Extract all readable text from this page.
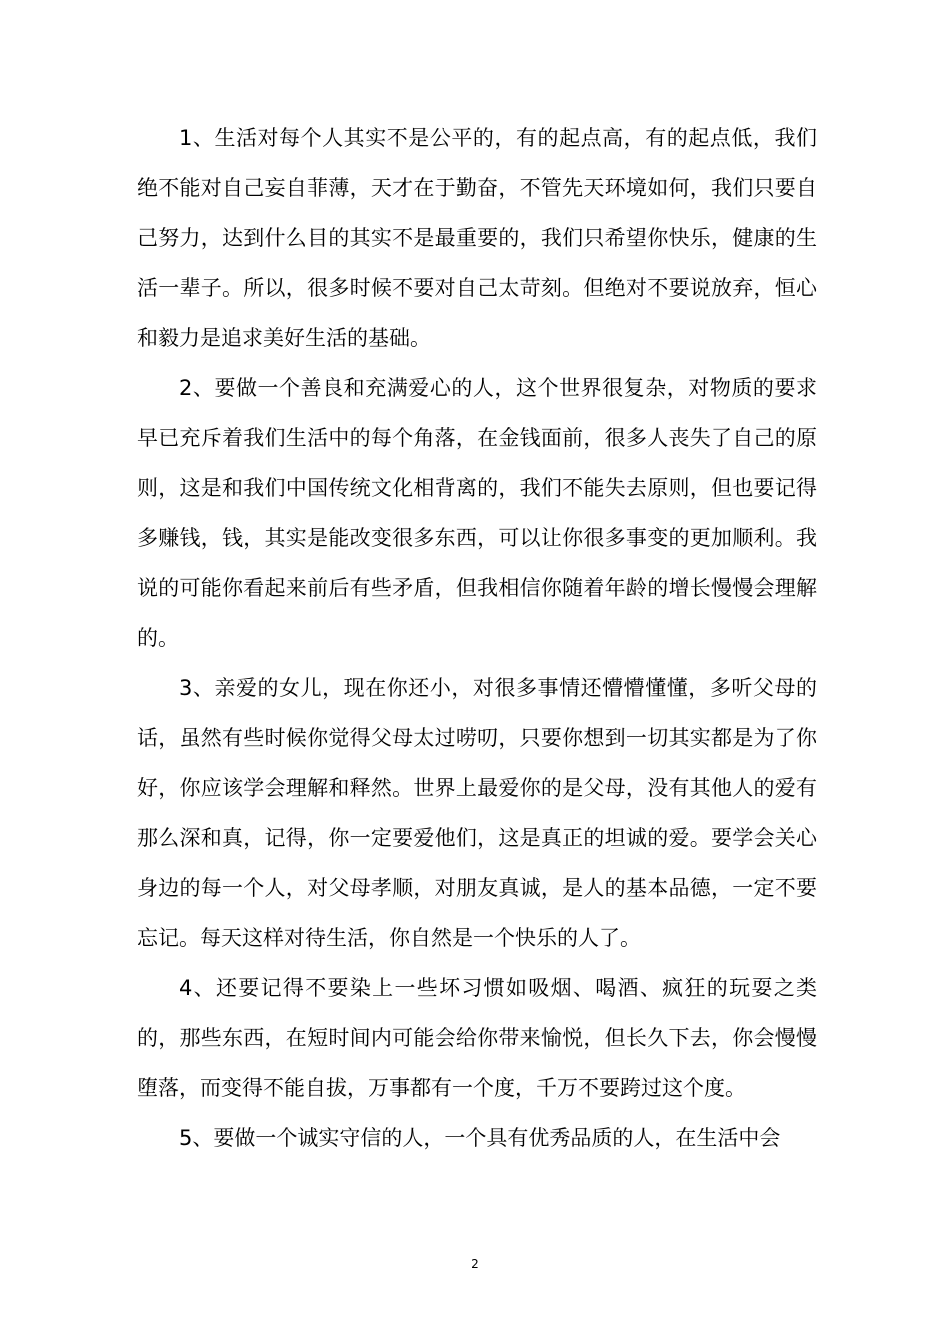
1、生活对每个人其实不是公平的，有的起点高，有的起点低，我们绝不能对自己妄自菲薄，天才在于勤奋，不管先天环境如何，我们只要自己努力，达到什么目的其实不是最重要的，我们只希望你快乐，健康的生活一辈子。所以，很多时候不要对自己太苛刻。但绝对不要说放弃，恒心和毅力是追求美好生活的基础。

2、要做一个善良和充满爱心的人，这个世界很复杂，对物质的要求早已充斥着我们生活中的每个角落，在金钱面前，很多人丧失了自己的原则，这是和我们中国传统文化相背离的，我们不能失去原则，但也要记得多赚钱，钱，其实是能改变很多东西，可以让你很多事变的更加顺利。我说的可能你看起来前后有些矛盾，但我相信你随着年龄的增长慢慢会理解的。

3、亲爱的女儿，现在你还小，对很多事情还懵懵懂懂，多听父母的话，虽然有些时候你觉得父母太过唠叨，只要你想到一切其实都是为了你好，你应该学会理解和释然。世界上最爱你的是父母，没有其他人的爱有那么深和真，记得，你一定要爱他们，这是真正的坦诚的爱。要学会关心身边的每一个人，对父母孝顺，对朋友真诚，是人的基本品德，一定不要忘记。每天这样对待生活，你自然是一个快乐的人了。

4、还要记得不要染上一些坏习惯如吸烟、喝酒、疯狂的玩耍之类的，那些东西，在短时间内可能会给你带来愉悦，但长久下去，你会慢慢堕落，而变得不能自拔，万事都有一个度，千万不要跨过这个度。

5、要做一个诚实守信的人，一个具有优秀品质的人，在生活中会

2
